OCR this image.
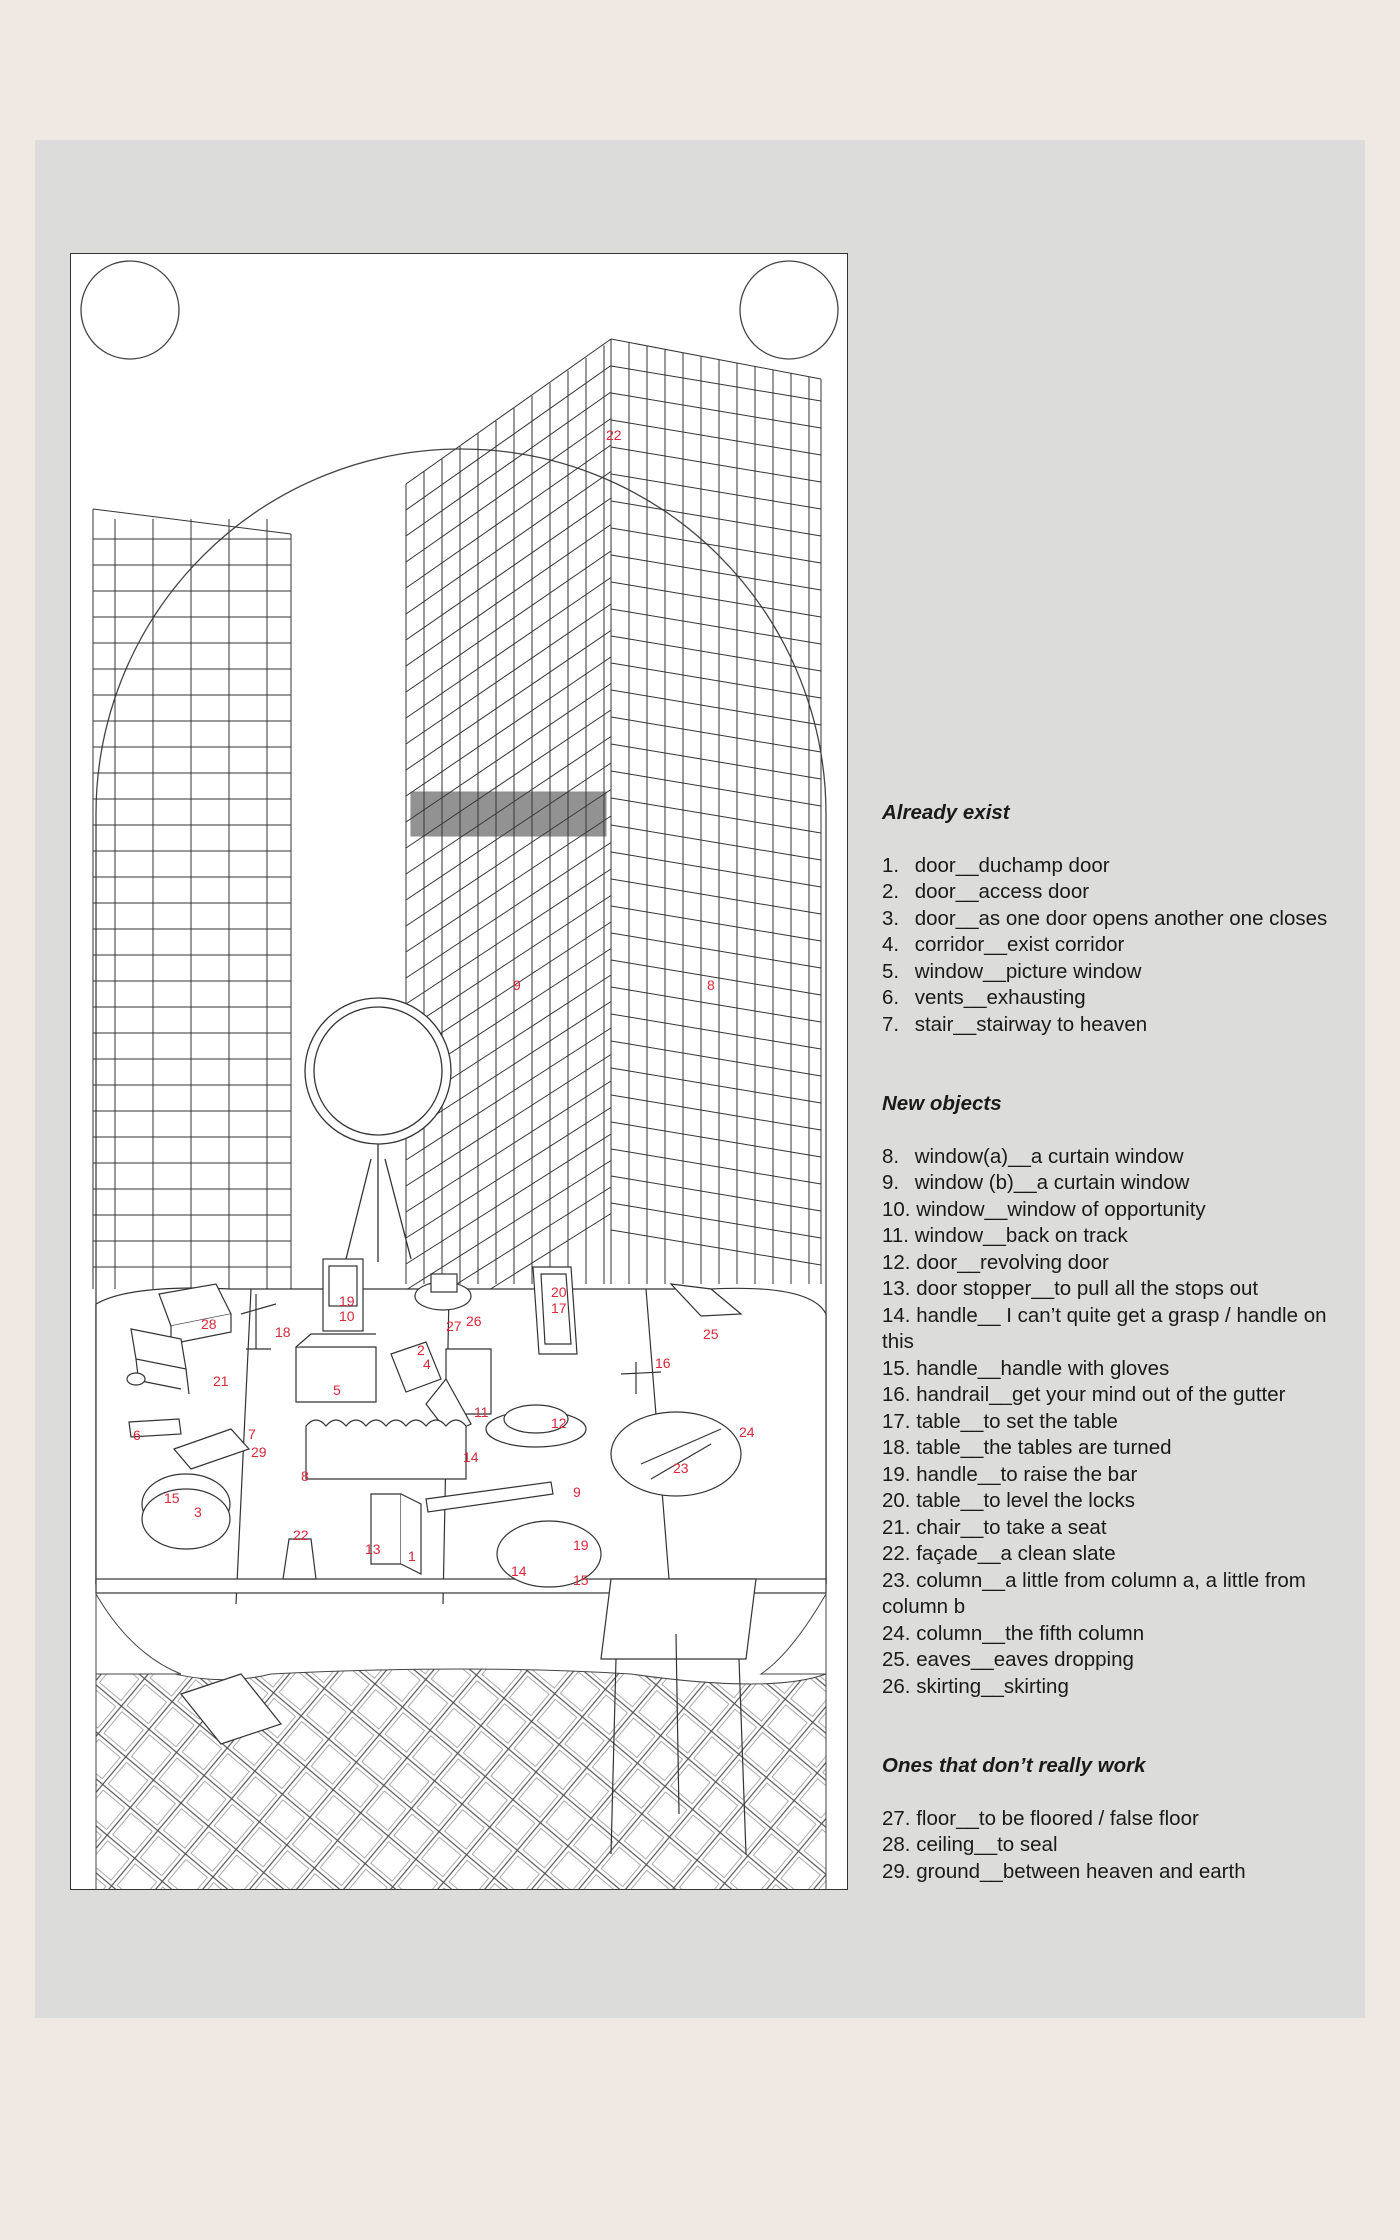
22
9	8
19
10
20
17
27 26
25
28	18
21
2
4
5
11
16
12
24
6	7
29	14
23
8
9
15
3
22
13 1
19
14
15
Already exist
1. door__duchamp door
2. door__access door
3. door__as one door opens another one closes
4. corridor__exist corridor
5. window__picture window
6. vents__exhausting
7. stair__stairway to heaven
New objects
8. window(a)__a curtain window
9. window (b)__a curtain window
10. window__window of opportunity
11. window__back on track
12. door__revolving door
13. door stopper__to pull all the stops out
14. handle__ I can’t quite get a grasp / handle on this
15. handle__handle with gloves
16. handrail__get your mind out of the gutter
17. table__to set the table
18. table__the tables are turned
19. handle__to raise the bar
20. table__to level the locks
21. chair__to take a seat
22. façade__a clean slate
23. column__a little from column a, a little from column b
24. column__the fifth column
25. eaves__eaves dropping
26. skirting__skirting
Ones that don’t really work
27. floor__to be floored / false floor
28. ceiling__to seal
29. ground__between heaven and earth
